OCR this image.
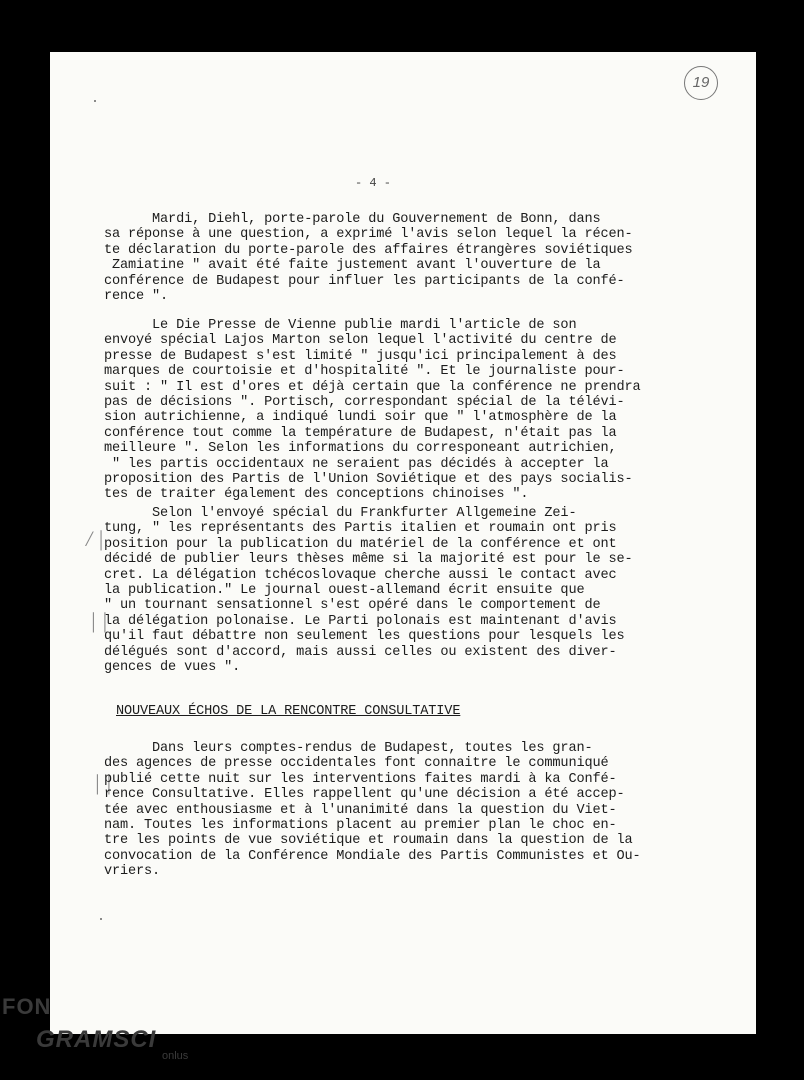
19
- 4 -
Mardi, Diehl, porte-parole du Gouvernement de Bonn, dans
sa réponse à une question, a exprimé l'avis selon lequel la récen-
te déclaration du porte-parole des affaires étrangères soviétiques
Zamiatine " avait été faite justement avant l'ouverture de la
conférence de Budapest pour influer les participants de la confé-
rence ".
Le Die Presse de Vienne publie mardi l'article de son
envoyé spécial Lajos Marton selon lequel l'activité du centre de
presse de Budapest s'est limité " jusqu'ici principalement à des
marques de courtoisie et d'hospitalité ". Et le journaliste pour-
suit : " Il est d'ores et déjà certain que la conférence ne prendra
pas de décisions ". Portisch, correspondant spécial de la télévi-
sion autrichienne, a indiqué lundi soir que " l'atmosphère de la
conférence tout comme la température de Budapest, n'était pas la
meilleure ". Selon les informations du corresponeant autrichien,
" les partis occidentaux ne seraient pas décidés à accepter la
proposition des Partis de l'Union Soviétique et des pays socialis-
tes de traiter également des conceptions chinoises ".
Selon l'envoyé spécial du Frankfurter Allgemeine Zei-
tung, " les représentants des Partis italien et roumain ont pris
position pour la publication du matériel de la conférence et ont
décidé de publier leurs thèses même si la majorité est pour le se-
cret. La délégation tchécoslovaque cherche aussi le contact avec
la publication." Le journal ouest-allemand écrit ensuite que
" un tournant sensationnel s'est opéré dans le comportement de
la délégation polonaise. Le Parti polonais est maintenant d'avis
qu'il faut débattre non seulement les questions pour lesquels les
délégués sont d'accord, mais aussi celles ou existent des diver-
gences de vues ".
/ |
| |
| |
NOUVEAUX ÉCHOS DE LA RENCONTRE CONSULTATIVE
Dans leurs comptes-rendus de Budapest, toutes les gran-
des agences de presse occidentales font connaitre le communiqué
publié cette nuit sur les interventions faites mardi à ka Confé-
rence Consultative. Elles rappellent qu'une décision a été accep-
tée avec enthousiasme et à l'unanimité dans la question du Viet-
nam. Toutes les informations placent au premier plan le choc en-
tre les points de vue soviétique et roumain dans la question de la
convocation de la Conférence Mondiale des Partis Communistes et Ou-
vriers.
FON
GRAMSCI
onlus
